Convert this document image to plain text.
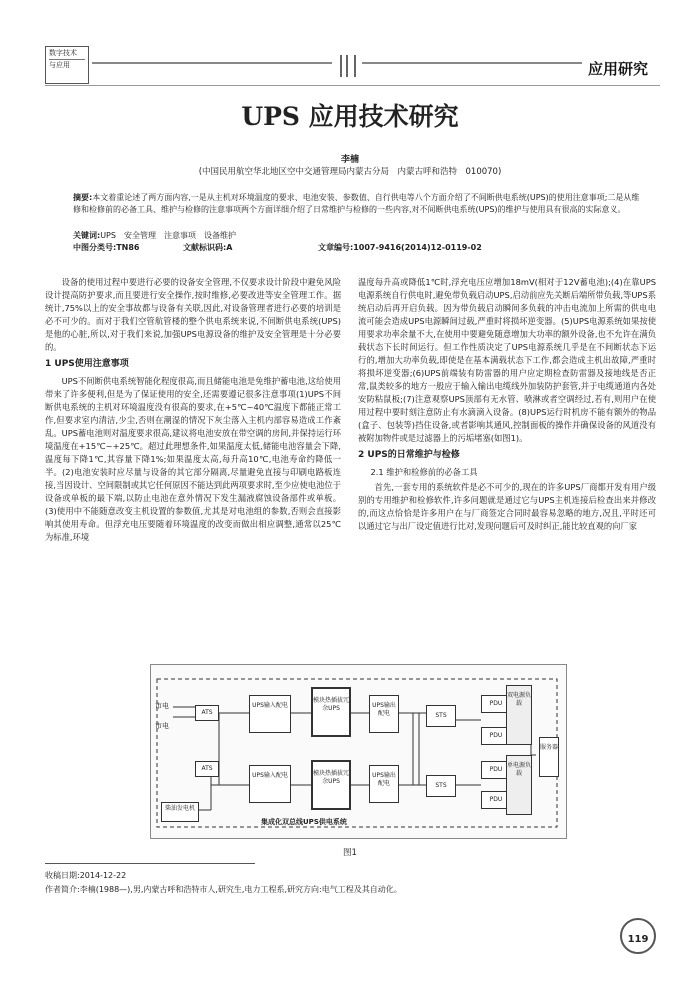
数字技术
与应用	应用研究
UPS 应用技术研究
李楠
(中国民用航空华北地区空中交通管理局内蒙古分局　内蒙古呼和浩特　010070)
摘要:本文着重论述了两方面内容,一是从主机对环境温度的要求、电池安装、参数值、自行供电等八个方面介绍了不间断供电系统(UPS)的使用注意事项;二是从维修和检修前的必备工具、维护与检修的注意事项两个方面详细介绍了日常维护与检修的一些内容,对不间断供电系统(UPS)的维护与使用具有很高的实际意义。
关键词:UPS　安全管理　注意事项　设备维护
中图分类号:TN86	文献标识码:A	文章编号:1007-9416(2014)12-0119-02

设备的使用过程中要进行必要的设备安全管理,不仅要求设计阶段中避免风险设计提高防护要求,而且要进行安全操作,按时维修,必要改进等安全管理工作。据统计,75%以上的安全事故都与设备有关联,因此,对设备管理者进行必要的培训是必不可少的。而对于我们空管航管楼的整个供电系统来说,不间断供电系统(UPS)是他的心脏,所以,对于我们来说,加强UPS电源设备的维护及安全管理是十分必要的。

1 UPS使用注意事项

UPS不间断供电系统智能化程度很高,而且储能电池是免维护蓄电池,这给使用带来了许多便利,但是为了保证使用的安全,还需要遵记很多注意事项(1)UPS不间断供电系统的主机对环境温度没有很高的要求,在+5℃~40℃温度下都能正常工作,但要求室内清洁,少尘,否则在潮湿的情况下灰尘落入主机内部容易造成工作紊乱。UPS蓄电池则对温度要求很高,建议将电池安放在带空调的房间,并保持运行环境温度在+15℃~+25℃。超过此理想条件,如果温度太低,储能电池容量会下降,温度每下降1℃,其容量下降1%;如果温度太高,每升高10℃,电池寿命约降低一半。(2)电池安装时应尽量与设备的其它部分隔离,尽量避免直接与印刷电路板连接,当因设计、空间限制或其它任何原因不能达到此两项要求时,至少应使电池位于设备或单板的最下端,以防止电池在意外情况下发生漏液腐蚀设备部件或单板。(3)使用中不能随意改变主机设置的参数值,尤其是对电池组的参数,否则会直接影响其使用寿命。但浮充电压要随着环境温度的改变而做出相应调整,通常以25℃为标准,环境

温度每升高或降低1℃时,浮充电压应增加18mV(相对于12V蓄电池);(4)在靠UPS电源系统自行供电时,避免带负载启动UPS,启动前应先关断后端所带负载,等UPS系统启动后再开启负载。因为带负载启动瞬间多负载的冲击电流加上所需的供电电流可能会造成UPS电源瞬间过载,严重时将损坏逆变器。(5)UPS电源系统如果按使用要求功率余量不大,在使用中要避免随意增加大功率的额外设备,也不允许在满负载状态下长时间运行。但工作性质决定了UPS电源系统几乎是在不间断状态下运行的,增加大功率负载,即使是在基本满载状态下工作,都会造成主机出故障,严重时将损坏逆变器;(6)UPS前端装有防雷器的用户应定期检查防雷器及接地线是否正常,鼠类较多的地方一般应于输入输出电缆线外加装防护套管,并于电缆通道内各处安防粘鼠板;(7)注意观察UPS顶部有无水管、喷淋或者空调经过,若有,则用户在使用过程中要时刻注意防止有水滴滴入设备。(8)UPS运行时机房不能有额外的物品(盒子、包装等)挡住设备,或者影响其通风,控制面板的操作并确保设备的风道没有被附加物件或是过滤器上的污垢堵塞(如图1)。

2 UPS的日常维护与检修
2.1 维护和检修前的必备工具

首先,一套专用的系统软件是必不可少的,现在的许多UPS厂商都开发有用户级别的专用维护和检修软件,许多问题就是通过它与UPS主机连接后检查出来并修改的,而这点恰恰是许多用户在与厂商签定合同时最容易忽略的地方,况且,平时还可以通过它与出厂设定值进行比对,发现问题后可及时纠正,能比较直观的向厂家

市电
市电
ATS
ATS
柴油发电机
UPS输入配电
UPS输入配电
模块热插拔冗余UPS
模块热插拔冗余UPS
UPS输出配电
UPS输出配电
STS
STS
PDU
PDU
PDU
PDU
双电源负载
单电源负载
服务器
集成化双总线UPS供电系统
图1
收稿日期:2014-12-22
作者简介:李楠(1988—),男,内蒙古呼和浩特市人,研究生,电力工程系,研究方向:电气工程及其自动化。
119
